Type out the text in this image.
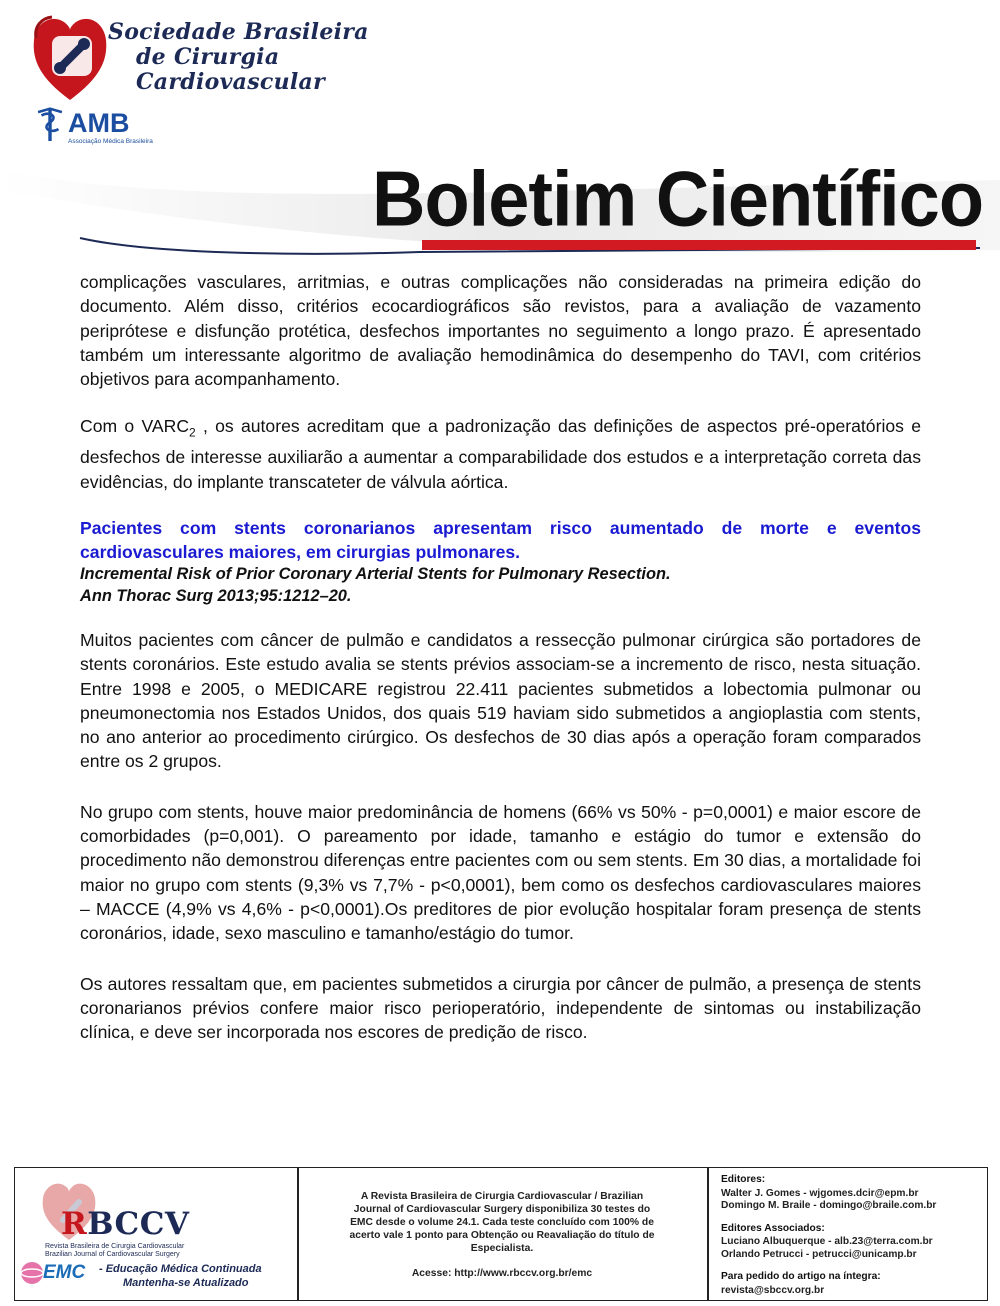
Sociedade Brasileira
de Cirurgia
Cardiovascular
AMB
Associação Médica Brasileira
Boletim Científico

complicações vasculares, arritmias, e outras complicações não consideradas na primeira edição do documento. Além disso, critérios ecocardiográficos são revistos, para a avaliação de vazamento periprótese e disfunção protética, desfechos importantes no seguimento a longo prazo. É apresentado também um interessante algoritmo de avaliação hemodinâmica do desempenho do TAVI, com critérios objetivos para acompanhamento.

Com o $VARC_2$ , os autores acreditam que a padronização das definições de aspectos pré-operatórios e desfechos de interesse auxiliarão a aumentar a comparabilidade dos estudos e a interpretação correta das evidências, do implante transcateter de válvula aórtica.

Pacientes com stents coronarianos apresentam risco aumentado de morte e eventos cardiovasculares maiores, em cirurgias pulmonares.

Incremental Risk of Prior Coronary Arterial Stents for Pulmonary Resection.

Ann Thorac Surg 2013;95:1212–20.

Muitos pacientes com câncer de pulmão e candidatos a ressecção pulmonar cirúrgica são portadores de stents coronários. Este estudo avalia se stents prévios associam-se a incremento de risco, nesta situação. Entre 1998 e 2005, o MEDICARE registrou 22.411 pacientes submetidos a lobectomia pulmonar ou pneumonectomia nos Estados Unidos, dos quais 519 haviam sido submetidos a angioplastia com stents, no ano anterior ao procedimento cirúrgico. Os desfechos de 30 dias após a operação foram comparados entre os 2 grupos.

No grupo com stents, houve maior predominância de homens (66% vs 50% - p=0,0001) e maior escore de comorbidades (p=0,001). O pareamento por idade, tamanho e estágio do tumor e extensão do procedimento não demonstrou diferenças entre pacientes com ou sem stents. Em 30 dias, a mortalidade foi maior no grupo com stents (9,3% vs 7,7% - p<0,0001), bem como os desfechos cardiovasculares maiores – MACCE (4,9% vs 4,6% - p<0,0001).Os preditores de pior evolução hospitalar foram presença de stents coronários, idade, sexo masculino e tamanho/estágio do tumor.

Os autores ressaltam que, em pacientes submetidos a cirurgia por câncer de pulmão, a presença de stents coronarianos prévios confere maior risco perioperatório, independente de sintomas ou instabilização clínica, e deve ser incorporada nos escores de predição de risco.

RBCCV
Revista Brasileira de Cirurgia Cardiovascular
Brazilian Journal of Cardiovascular Surgery
EMC - Educação Médica Continuada
Mantenha-se Atualizado
A Revista Brasileira de Cirurgia Cardiovascular / Brazilian Journal of Cardiovascular Surgery disponibiliza 30 testes do EMC desde o volume 24.1. Cada teste concluído com 100% de acerto vale 1 ponto para Obtenção ou Reavaliação do título de Especialista.
Acesse: http://www.rbccv.org.br/emc
Editores:
Walter J. Gomes - wjgomes.dcir@epm.br
Domingo M. Braile - domingo@braile.com.br
Editores Associados:
Luciano Albuquerque - alb.23@terra.com.br
Orlando Petrucci - petrucci@unicamp.br
Para pedido do artigo na íntegra:
revista@sbccv.org.br
